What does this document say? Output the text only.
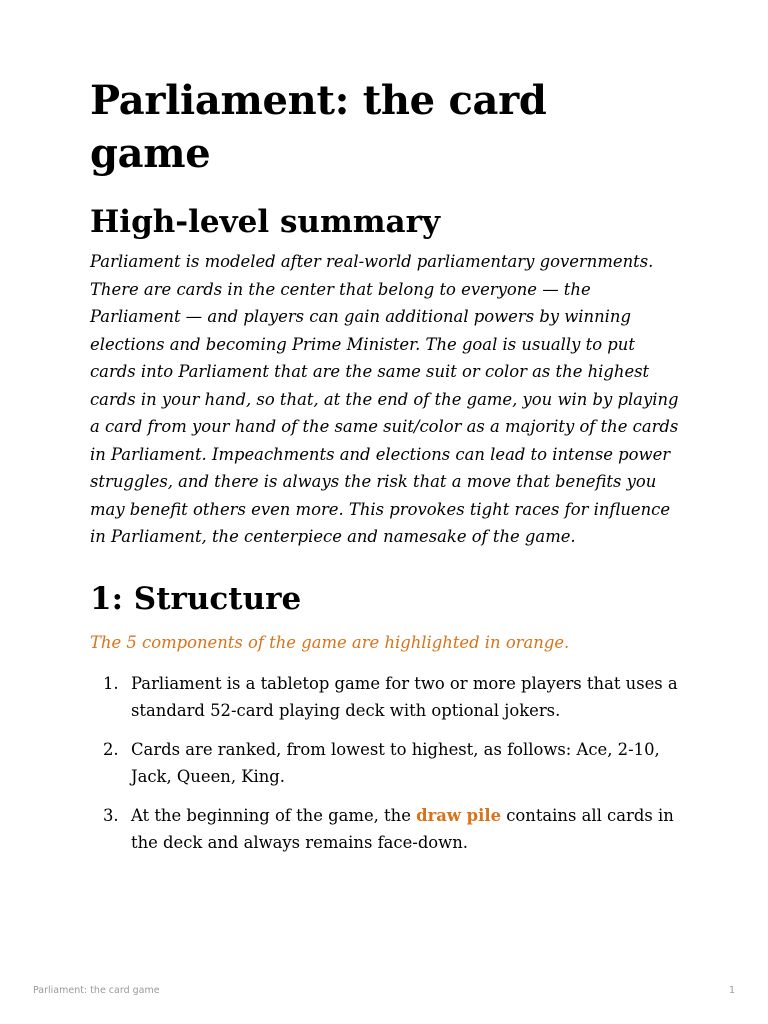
Parliament: the card game
High-level summary

Parliament is modeled after real-world parliamentary governments. There are cards in the center that belong to everyone — the Parliament — and players can gain additional powers by winning elections and becoming Prime Minister. The goal is usually to put cards into Parliament that are the same suit or color as the highest cards in your hand, so that, at the end of the game, you win by playing a card from your hand of the same suit/color as a majority of the cards in Parliament. Impeachments and elections can lead to intense power struggles, and there is always the risk that a move that benefits you may benefit others even more. This provokes tight races for influence in Parliament, the centerpiece and namesake of the game.

1: Structure

The 5 components of the game are highlighted in orange.

1. Parliament is a tabletop game for two or more players that uses a standard 52-card playing deck with optional jokers.
2. Cards are ranked, from lowest to highest, as follows: Ace, 2-10, Jack, Queen, King.
3. At the beginning of the game, the draw pile contains all cards in the deck and always remains face-down.
Parliament: the card game	1
